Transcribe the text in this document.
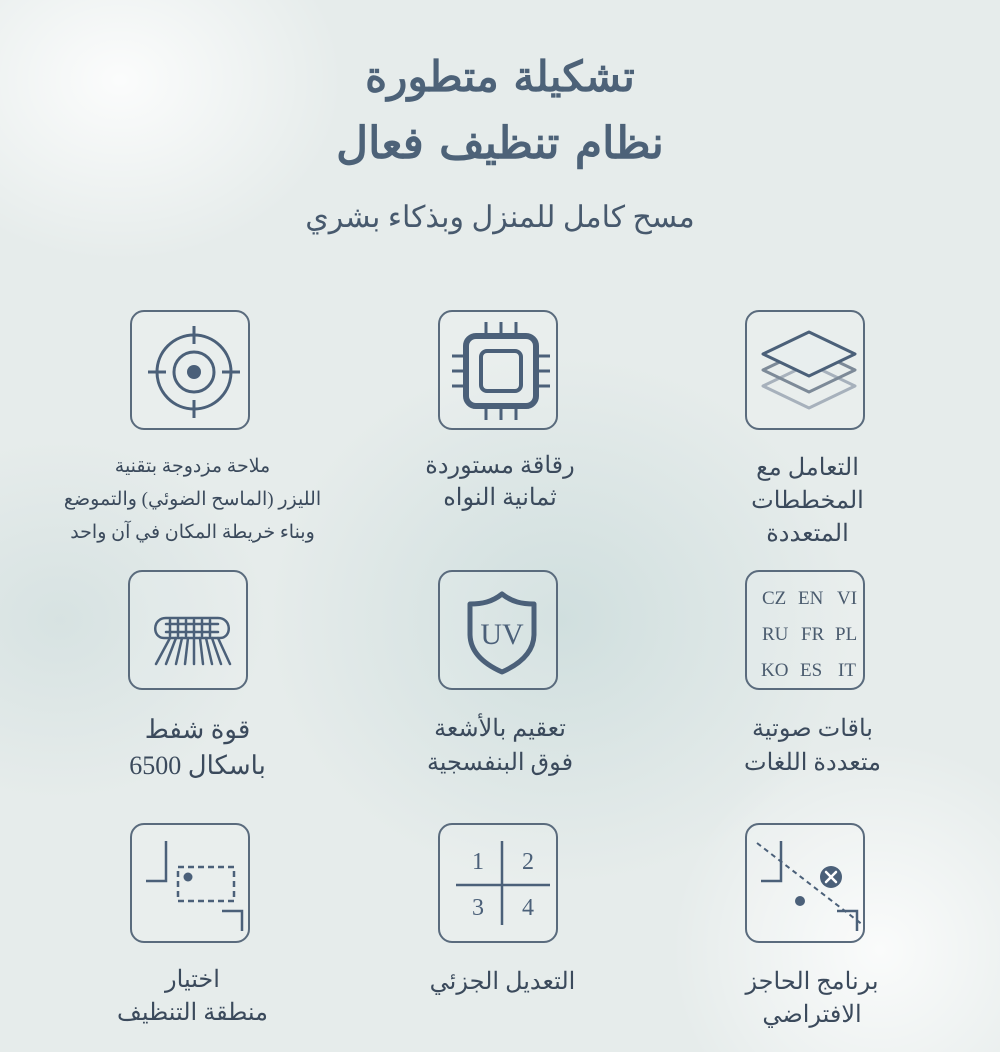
تشكيلة متطورة
نظام تنظيف فعال
مسح كامل للمنزل وبذكاء بشري
ملاحة مزدوجة بتقنية
الليزر (الماسح الضوئي) والتموضع
وبناء خريطة المكان في آن واحد
رقاقة مستوردة
ثمانية النواه
التعامل مع
المخططات
المتعددة
قوة شفط
باسكال 6500
UV
تعقيم بالأشعة
فوق البنفسجية
CZ EN VI
RU FR PL
KO ES IT
باقات صوتية
متعددة اللغات
اختيار
منطقة التنظيف
1 2
3 4
التعديل الجزئي	برنامج الحاجز
الافتراضي
